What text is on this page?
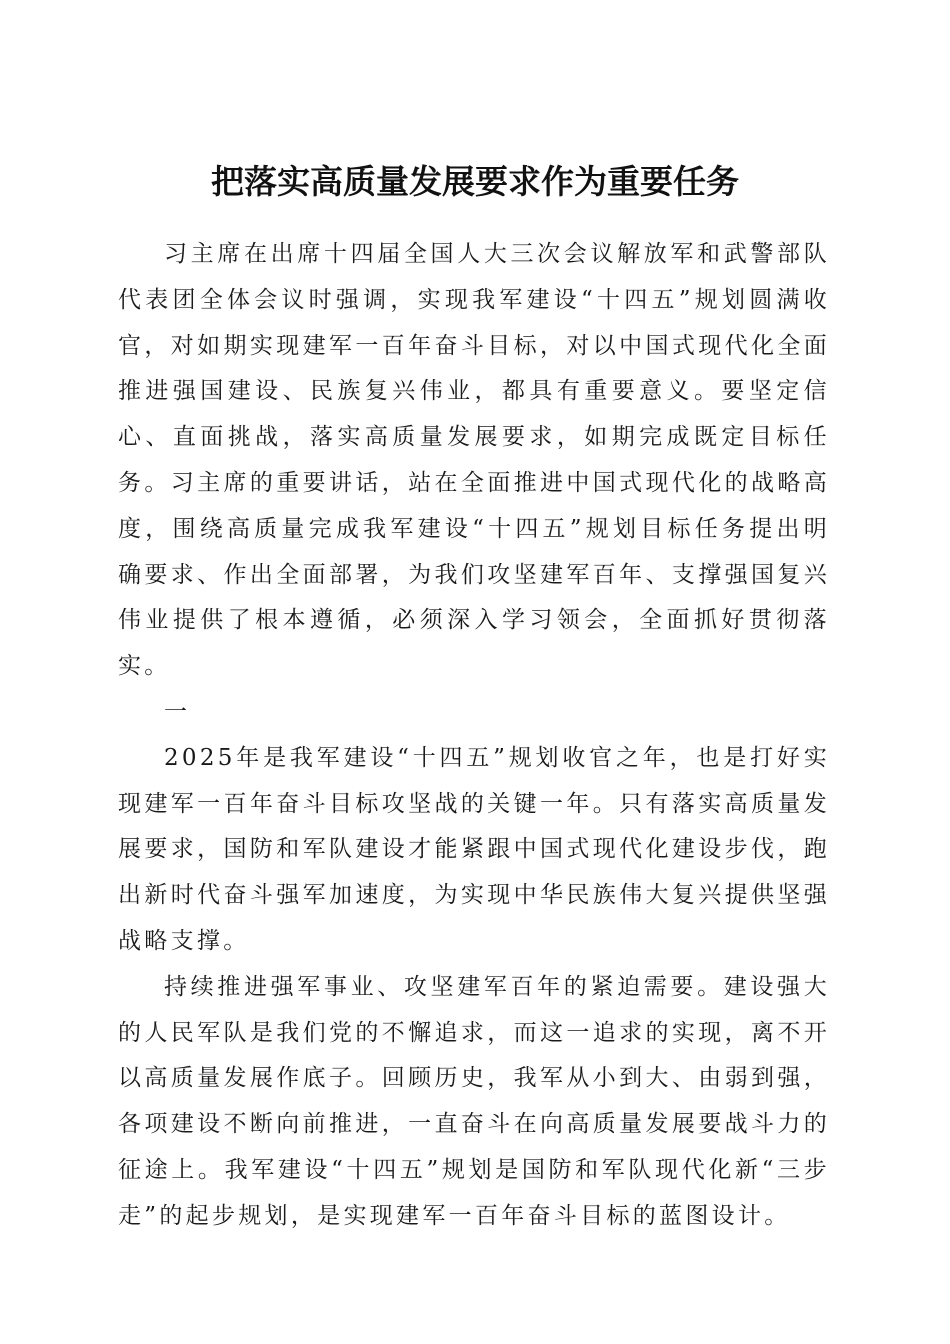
把落实高质量发展要求作为重要任务

习主席在出席十四届全国人大三次会议解放军和武警部队代表团全体会议时强调，实现我军建设“十四五”规划圆满收官，对如期实现建军一百年奋斗目标，对以中国式现代化全面推进强国建设、民族复兴伟业，都具有重要意义。要坚定信心、直面挑战，落实高质量发展要求，如期完成既定目标任务。习主席的重要讲话，站在全面推进中国式现代化的战略高度，围绕高质量完成我军建设“十四五”规划目标任务提出明确要求、作出全面部署，为我们攻坚建军百年、支撑强国复兴伟业提供了根本遵循，必须深入学习领会，全面抓好贯彻落实。

一

2025年是我军建设“十四五”规划收官之年，也是打好实现建军一百年奋斗目标攻坚战的关键一年。只有落实高质量发展要求，国防和军队建设才能紧跟中国式现代化建设步伐，跑出新时代奋斗强军加速度，为实现中华民族伟大复兴提供坚强战略支撑。

持续推进强军事业、攻坚建军百年的紧迫需要。建设强大的人民军队是我们党的不懈追求，而这一追求的实现，离不开以高质量发展作底子。回顾历史，我军从小到大、由弱到强，各项建设不断向前推进，一直奋斗在向高质量发展要战斗力的征途上。我军建设“十四五”规划是国防和军队现代化新“三步走”的起步规划，是实现建军一百年奋斗目标的蓝图设计。
